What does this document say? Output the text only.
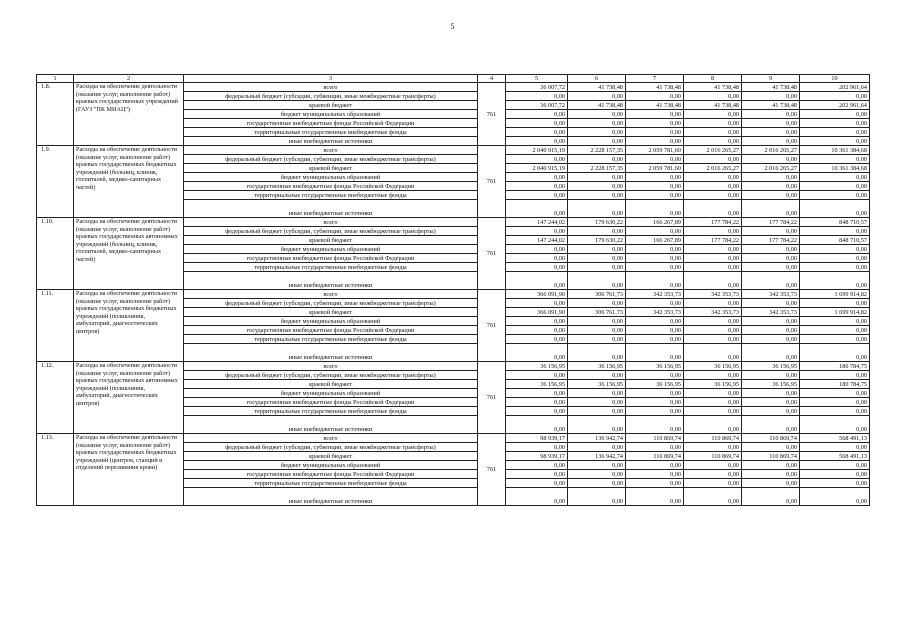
5
1	2	3	4	5	6	7	8	9	10
1.8.	Расходы на обеспечение деятельности (оказание услуг, выполнение работ) краевых государственных учреждений (ГАУЗ "ПК МИАЦ")	всего	761	36 007,72	41 738,48	41 738,48	41 738,48	41 738,48	202 961,64
		федеральный бюджет (субсидии, субвенции, иные межбюджетные трансферты)		0,00	0,00	0,00	0,00	0,00	0,00
		краевой бюджет		36 007,72	41 738,48	41 738,48	41 738,48	41 738,48	202 961,64
		бюджет муниципальных образований		0,00	0,00	0,00	0,00	0,00	0,00
		государственные внебюджетные фонды Российской Федерации		0,00	0,00	0,00	0,00	0,00	0,00
		территориальные государственные внебюджетные фонды		0,00	0,00	0,00	0,00	0,00	0,00
		иные внебюджетные источники		0,00	0,00	0,00	0,00	0,00	0,00
1.9.	Расходы на обеспечение деятельности (оказание услуг, выполнение работ) краевых государственных бюджетных учреждений (больниц, клиник, госпиталей, медико-санитарных частей)	всего	761	2 040 915,19	2 228 157,35	2 059 781,60	2 016 265,27	2 016 265,27	10 361 384,68
		федеральный бюджет (субсидии, субвенции, иные межбюджетные трансферты)		0,00	0,00	0,00	0,00	0,00	0,00
		краевой бюджет		2 040 915,19	2 228 157,35	2 059 781,60	2 016 265,27	2 016 265,27	10 361 384,68
		бюджет муниципальных образований		0,00	0,00	0,00	0,00	0,00	0,00
		государственные внебюджетные фонды Российской Федерации		0,00	0,00	0,00	0,00	0,00	0,00
		территориальные государственные внебюджетные фонды		0,00	0,00	0,00	0,00	0,00	0,00
		иные внебюджетные источники		0,00	0,00	0,00	0,00	0,00	0,00
1.10.	Расходы на обеспечение деятельности (оказание услуг, выполнение работ) краевых государственных автономных учреждений (больниц, клиник, госпиталей, медико-санитарных частей)	всего	761	147 244,02	179 630,22	166 267,89	177 784,22	177 784,22	848 710,57
		федеральный бюджет (субсидии, субвенции, иные межбюджетные трансферты)		0,00	0,00	0,00	0,00	0,00	0,00
		краевой бюджет		147 244,02	179 630,22	166 267,89	177 784,22	177 784,22	848 710,57
		бюджет муниципальных образований		0,00	0,00	0,00	0,00	0,00	0,00
		государственные внебюджетные фонды Российской Федерации		0,00	0,00	0,00	0,00	0,00	0,00
		территориальные государственные внебюджетные фонды		0,00	0,00	0,00	0,00	0,00	0,00
		иные внебюджетные источники		0,00	0,00	0,00	0,00	0,00	0,00
1.11.	Расходы на обеспечение деятельности (оказание услуг, выполнение работ) краевых государственных бюджетных учреждений (поликлиник, амбулаторий, диагностических центров)	всего	761	366 091,90	306 761,73	342 353,73	342 353,73	342 353,73	1 699 914,82
		федеральный бюджет (субсидии, субвенции, иные межбюджетные трансферты)		0,00	0,00	0,00	0,00	0,00	0,00
		краевой бюджет		366 091,90	306 761,73	342 353,73	342 353,73	342 353,73	1 699 914,82
		бюджет муниципальных образований		0,00	0,00	0,00	0,00	0,00	0,00
		государственные внебюджетные фонды Российской Федерации		0,00	0,00	0,00	0,00	0,00	0,00
		территориальные государственные внебюджетные фонды		0,00	0,00	0,00	0,00	0,00	0,00
		иные внебюджетные источники		0,00	0,00	0,00	0,00	0,00	0,00
1.12.	Расходы на обеспечение деятельности (оказание услуг, выполнение работ) краевых государственных автономных учреждений (поликлиник, амбулаторий, диагностических центров)	всего	761	36 156,95	36 156,95	36 156,95	36 156,95	36 156,95	180 784,75
		федеральный бюджет (субсидии, субвенции, иные межбюджетные трансферты)		0,00	0,00	0,00	0,00	0,00	0,00
		краевой бюджет		36 156,95	36 156,95	36 156,95	36 156,95	36 156,95	180 784,75
		бюджет муниципальных образований		0,00	0,00	0,00	0,00	0,00	0,00
		государственные внебюджетные фонды Российской Федерации		0,00	0,00	0,00	0,00	0,00	0,00
		территориальные государственные внебюджетные фонды		0,00	0,00	0,00	0,00	0,00	0,00
		иные внебюджетные источники		0,00	0,00	0,00	0,00	0,00	0,00
1.13.	Расходы на обеспечение деятельности (оказание услуг, выполнение работ) краевых государственных бюджетных учреждений (центров, станций и отделений переливания крови)	всего	761	98 939,17	136 942,74	110 869,74	110 869,74	110 869,74	568 491,13
		федеральный бюджет (субсидии, субвенции, иные межбюджетные трансферты)		0,00	0,00	0,00	0,00	0,00	0,00
		краевой бюджет		98 939,17	136 942,74	110 869,74	110 869,74	110 869,74	568 491,13
		бюджет муниципальных образований		0,00	0,00	0,00	0,00	0,00	0,00
		государственные внебюджетные фонды Российской Федерации		0,00	0,00	0,00	0,00	0,00	0,00
		территориальные государственные внебюджетные фонды		0,00	0,00	0,00	0,00	0,00	0,00
		иные внебюджетные источники		0,00	0,00	0,00	0,00	0,00	0,00
